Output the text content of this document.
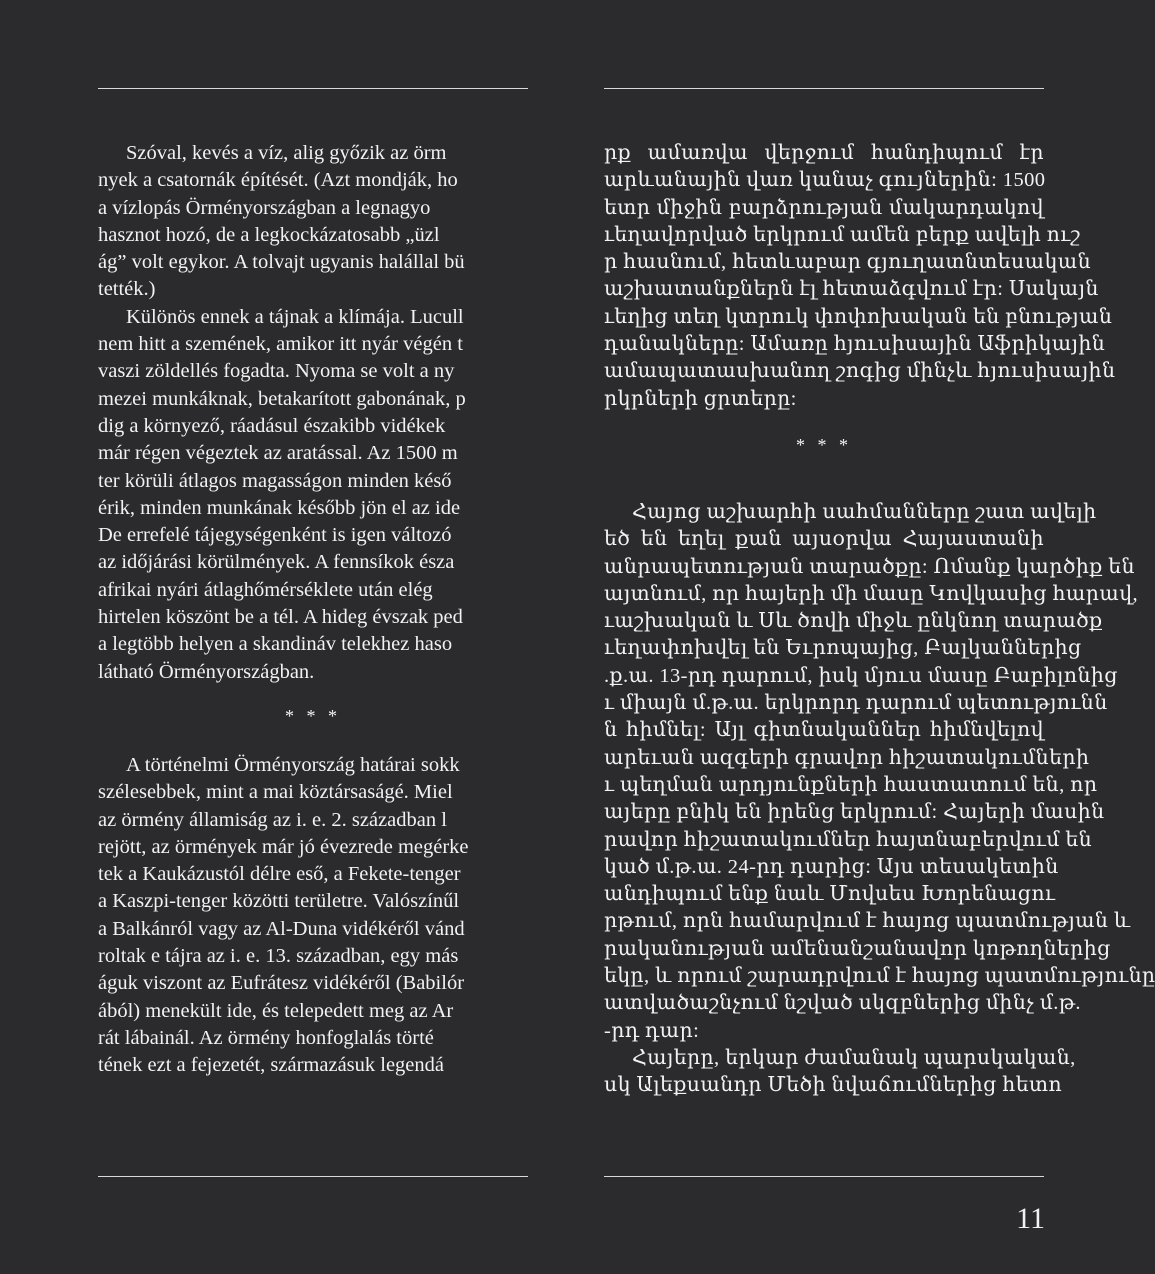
Szóval, kevés a víz, alig győzik az örm
nyek a csatornák építését. (Azt mondják, ho
a vízlopás Örményországban a legnagyo
hasznot hozó, de a legkockázatosabb „üzl
ág” volt egykor. A tolvajt ugyanis halállal bü
tették.)
Különös ennek a tájnak a klímája. Lucull
nem hitt a szemének, amikor itt nyár végén t
vaszi zöldellés fogadta. Nyoma se volt a ny
mezei munkáknak, betakarított gabonának, p
dig a környező, ráadásul északibb vidékek
már régen végeztek az aratással. Az 1500 m
ter körüli átlagos magasságon minden késő
érik, minden munkának később jön el az ide
De errefelé tájegységenként is igen változó
az időjárási körülmények. A fennsíkok észa
afrikai nyári átlaghőmérséklete után elég
hirtelen köszönt be a tél. A hideg évszak ped
a legtöbb helyen a skandináv telekhez haso
látható Örményországban.
* * *
A történelmi Örményország határai sokk
szélesebbek, mint a mai köztársaságé. Miel
az örmény államiság az i. e. 2. században l
rejött, az örmények már jó évezrede megérke
tek a Kaukázustól délre eső, a Fekete-tenger
a Kaszpi-tenger közötti területre. Valószínűl
a Balkánról vagy az Al-Duna vidékéről vánd
roltak e tájra az i. e. 13. században, egy más
águk viszont az Eufrátesz vidékéről (Babilór
ából) menekült ide, és telepedett meg az Ar
rát lábainál. Az örmény honfoglalás törté
tének ezt a fejezetét, származásuk legendá
րք ամառվա վերջում հանդիպում էր
արևանային վառ կանաչ գույներին: 1500
ետր միջին բարձրության մակարդակով
ւեղավորված երկրում ամեն բերք ավելի ուշ
ր հասնում, հետևաբար գյուղատնտեսական
աշխատանքներն էլ հետաձգվում էր: Սակայն
ւեղից տեղ կտրուկ փոփոխական են բնության
դանակները: Ամառը հյուսիսային Աֆրիկային
ամապատասխանող շոգից մինչև հյուսիսային
րկրների ցրտերը:
* * *
Հայոց աշխարհի սահմանները շատ ավելի
եծ են եղել քան այսօրվա Հայաստանի
անրապետության տարածքը: Ոմանք կարծիք են
այտնում, որ հայերի մի մասը Կովկասից հարավ,
ւաշխական և Սև ծովի միջև ընկնող տարածք
ւեղափոխվել են Եւրոպայից, Բալկաններից
.ք.ա. 13-րդ դարում, իսկ մյուս մասը Բաբիլոնից
ւ միայն մ.թ.ա. երկրորդ դարում պետությունն
ն հիմնել: Այլ գիտնականներ հիմնվելով
արեւան ազգերի գրավոր հիշատակումների
ւ պեղման արդյունքների հաստատում են, որ
այերը բնիկ են իրենց երկրում: Հայերի մասին
րավոր հիշատակումներ հայտնաբերվում են
կած մ.թ.ա. 24-րդ դարից: Այս տեսակետին
անդիպում ենք նաև Մովսես Խորենացու
րթում, որն համարվում է հայոց պատմության և
րականության ամենանշանավոր կոթողներից
եկը, և որում շարադրվում է հայոց պատմությունը
ատվածաշնչում նշված սկզբներից մինչ մ.թ.
-րդ դար:
Հայերը, երկար ժամանակ պարսկական,
սկ Ալեքսանդր Մեծի նվաճումներից հետո
11
